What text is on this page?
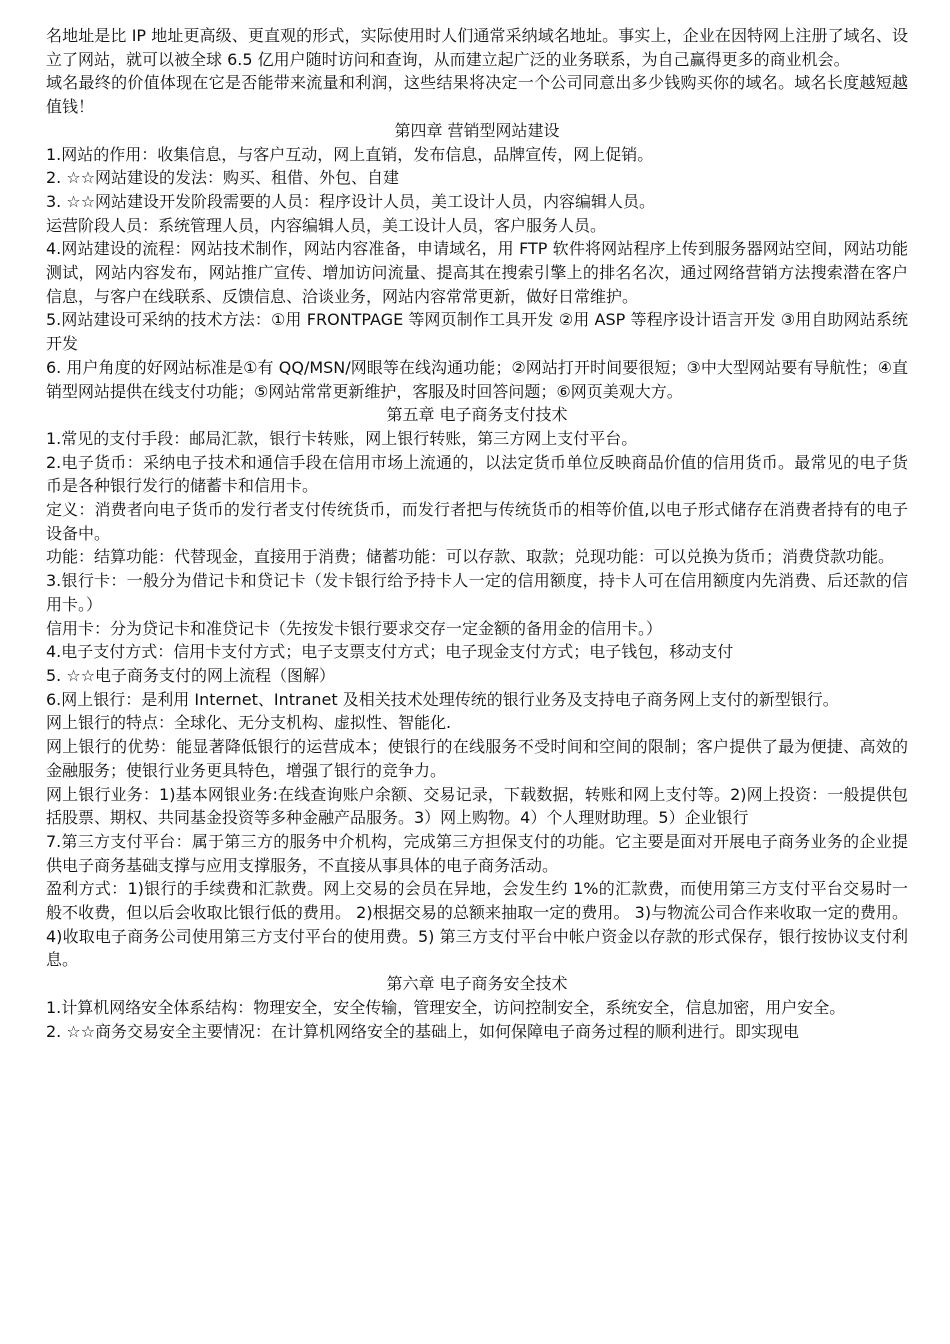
名地址是比 IP 地址更高级、更直观的形式，实际使用时人们通常采纳域名地址。事实上，企业在因特网上注册了域名、设立了网站，就可以被全球 6.5 亿用户随时访问和查询，从而建立起广泛的业务联系，为自己赢得更多的商业机会。

域名最终的价值体现在它是否能带来流量和利润，这些结果将决定一个公司同意出多少钱购买你的域名。域名长度越短越值钱！

第四章 营销型网站建设

1.网站的作用：收集信息，与客户互动，网上直销，发布信息，品牌宣传，网上促销。

2. ☆☆网站建设的发法：购买、租借、外包、自建

3. ☆☆网站建设开发阶段需要的人员：程序设计人员，美工设计人员，内容编辑人员。

运营阶段人员：系统管理人员，内容编辑人员，美工设计人员，客户服务人员。

4.网站建设的流程：网站技术制作，网站内容准备，申请域名，用 FTP 软件将网站程序上传到服务器网站空间，网站功能测试，网站内容发布，网站推广宣传、增加访问流量、提高其在搜索引擎上的排名名次，通过网络营销方法搜索潜在客户信息，与客户在线联系、反馈信息、洽谈业务，网站内容常常更新，做好日常维护。

5.网站建设可采纳的技术方法：①用 FRONTPAGE 等网页制作工具开发 ②用 ASP 等程序设计语言开发 ③用自助网站系统开发

6. 用户角度的好网站标准是①有 QQ/MSN/网眼等在线沟通功能；②网站打开时间要很短；③中大型网站要有导航性；④直销型网站提供在线支付功能；⑤网站常常更新维护，客服及时回答问题；⑥网页美观大方。

第五章 电子商务支付技术

1.常见的支付手段：邮局汇款，银行卡转账，网上银行转账，第三方网上支付平台。

2.电子货币：采纳电子技术和通信手段在信用市场上流通的，以法定货币单位反映商品价值的信用货币。最常见的电子货币是各种银行发行的储蓄卡和信用卡。

定义：消费者向电子货币的发行者支付传统货币，而发行者把与传统货币的相等价值,以电子形式储存在消费者持有的电子设备中。

功能：结算功能：代替现金，直接用于消费；储蓄功能：可以存款、取款；兑现功能：可以兑换为货币；消费贷款功能。

3.银行卡：一般分为借记卡和贷记卡（发卡银行给予持卡人一定的信用额度，持卡人可在信用额度内先消费、后还款的信用卡。）

信用卡：分为贷记卡和准贷记卡（先按发卡银行要求交存一定金额的备用金的信用卡。）

4.电子支付方式：信用卡支付方式；电子支票支付方式；电子现金支付方式；电子钱包，移动支付

5. ☆☆电子商务支付的网上流程（图解）

6.网上银行：是利用 Internet、Intranet 及相关技术处理传统的银行业务及支持电子商务网上支付的新型银行。

网上银行的特点：全球化、无分支机构、虚拟性、智能化.

网上银行的优势：能显著降低银行的运营成本；使银行的在线服务不受时间和空间的限制；客户提供了最为便捷、高效的金融服务；使银行业务更具特色，增强了银行的竞争力。

网上银行业务：1)基本网银业务:在线查询账户余额、交易记录，下载数据，转账和网上支付等。2)网上投资：一般提供包括股票、期权、共同基金投资等多种金融产品服务。3）网上购物。4）个人理财助理。5）企业银行

7.第三方支付平台：属于第三方的服务中介机构，完成第三方担保支付的功能。它主要是面对开展电子商务业务的企业提供电子商务基础支撑与应用支撑服务，不直接从事具体的电子商务活动。

盈利方式：1)银行的手续费和汇款费。网上交易的会员在异地，会发生约 1%的汇款费，而使用第三方支付平台交易时一般不收费，但以后会收取比银行低的费用。 2)根据交易的总额来抽取一定的费用。 3)与物流公司合作来收取一定的费用。 4)收取电子商务公司使用第三方支付平台的使用费。5) 第三方支付平台中帐户资金以存款的形式保存，银行按协议支付利息。

第六章 电子商务安全技术

1.计算机网络安全体系结构：物理安全，安全传输，管理安全，访问控制安全，系统安全，信息加密，用户安全。

2. ☆☆商务交易安全主要情况：在计算机网络安全的基础上，如何保障电子商务过程的顺利进行。即实现电
